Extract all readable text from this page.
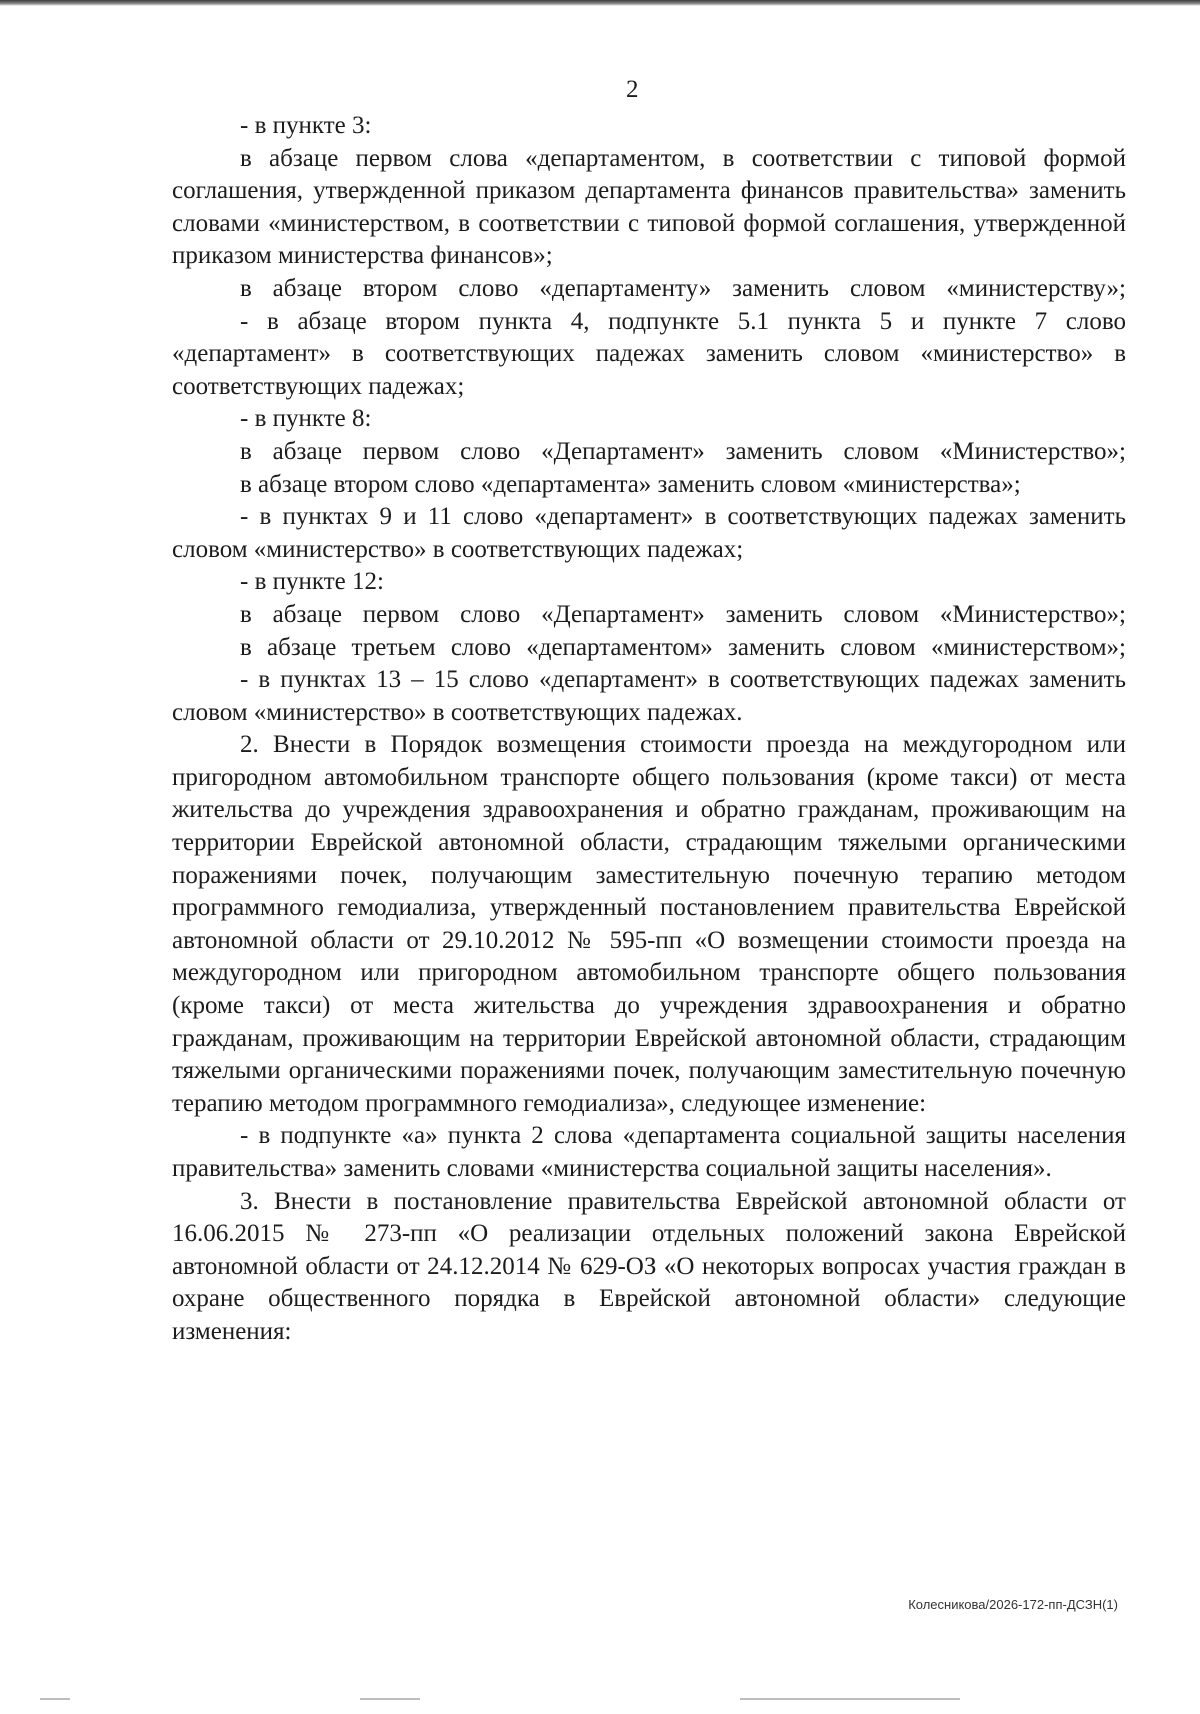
2

- в пункте 3:

в абзаце первом слова «департаментом, в соответствии с типовой формой соглашения, утвержденной приказом департамента финансов правительства» заменить словами «министерством, в соответствии с типовой формой соглашения, утвержденной приказом министерства финансов»;

в абзаце втором слово «департаменту» заменить словом «министерству»;

- в абзаце втором пункта 4, подпункте 5.1 пункта 5 и пункте 7 слово «департамент» в соответствующих падежах заменить словом «министерство» в соответствующих падежах;

- в пункте 8:

в абзаце первом слово «Департамент» заменить словом «Министерство»;

в абзаце втором слово «департамента» заменить словом «министерства»;

- в пунктах 9 и 11 слово «департамент» в соответствующих падежах заменить словом «министерство» в соответствующих падежах;

- в пункте 12:

в абзаце первом слово «Департамент» заменить словом «Министерство»;

в абзаце третьем слово «департаментом» заменить словом «министерством»;

- в пунктах 13 – 15 слово «департамент» в соответствующих падежах заменить словом «министерство» в соответствующих падежах.

2. Внести в Порядок возмещения стоимости проезда на междугородном или пригородном автомобильном транспорте общего пользования (кроме такси) от места жительства до учреждения здравоохранения и обратно гражданам, проживающим на территории Еврейской автономной области, страдающим тяжелыми органическими поражениями почек, получающим заместительную почечную терапию методом программного гемодиализа, утвержденный постановлением правительства Еврейской автономной области от 29.10.2012 № 595-пп «О возмещении стоимости проезда на междугородном или пригородном автомобильном транспорте общего пользования (кроме такси) от места жительства до учреждения здравоохранения и обратно гражданам, проживающим на территории Еврейской автономной области, страдающим тяжелыми органическими поражениями почек, получающим заместительную почечную терапию методом программного гемодиализа», следующее изменение:

- в подпункте «а» пункта 2 слова «департамента социальной защиты населения правительства» заменить словами «министерства социальной защиты населения».

3. Внести в постановление правительства Еврейской автономной области от 16.06.2015 № 273-пп «О реализации отдельных положений закона Еврейской автономной области от 24.12.2014 № 629-ОЗ «О некоторых вопросах участия граждан в охране общественного порядка в Еврейской автономной области» следующие изменения:

Колесникова/2026-172-пп-ДСЗН(1)
